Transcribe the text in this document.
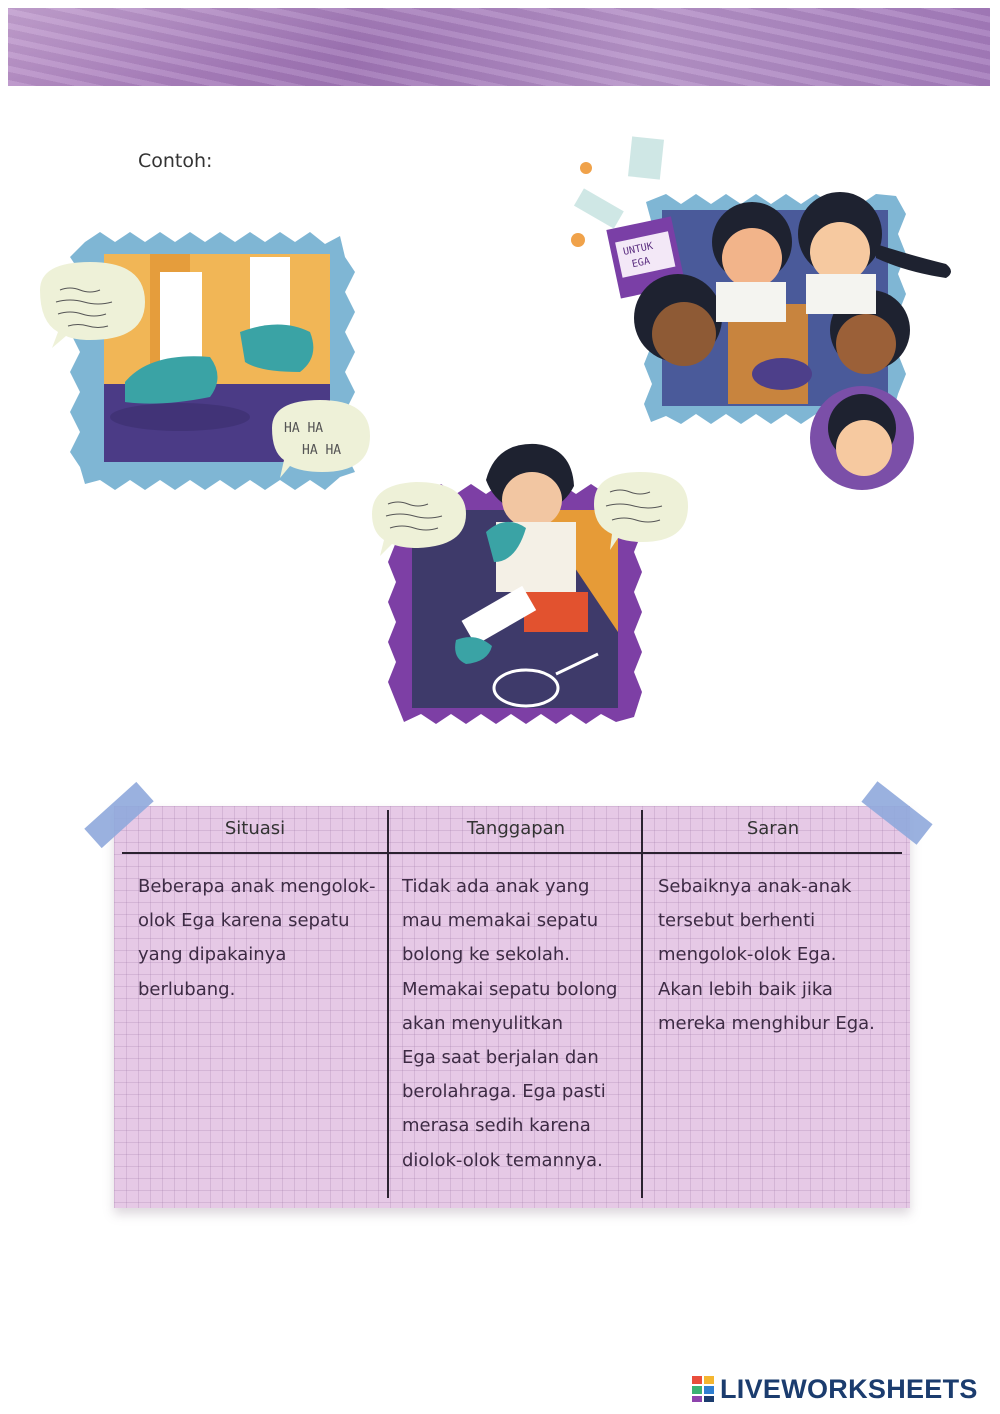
Contoh:
HA HA
HA HA
UNTUK
EGA
Situasi	Tanggapan	Saran
Beberapa anak mengolok-
olok Ega karena sepatu
yang dipakainya
berlubang.
Tidak ada anak yang
mau memakai sepatu
bolong ke sekolah.
Memakai sepatu bolong
akan menyulitkan
Ega saat berjalan dan
berolahraga. Ega pasti
merasa sedih karena
diolok-olok temannya.
Sebaiknya anak-anak
tersebut berhenti
mengolok-olok Ega.
Akan lebih baik jika
mereka menghibur Ega.
LIVEWORKSHEETS
